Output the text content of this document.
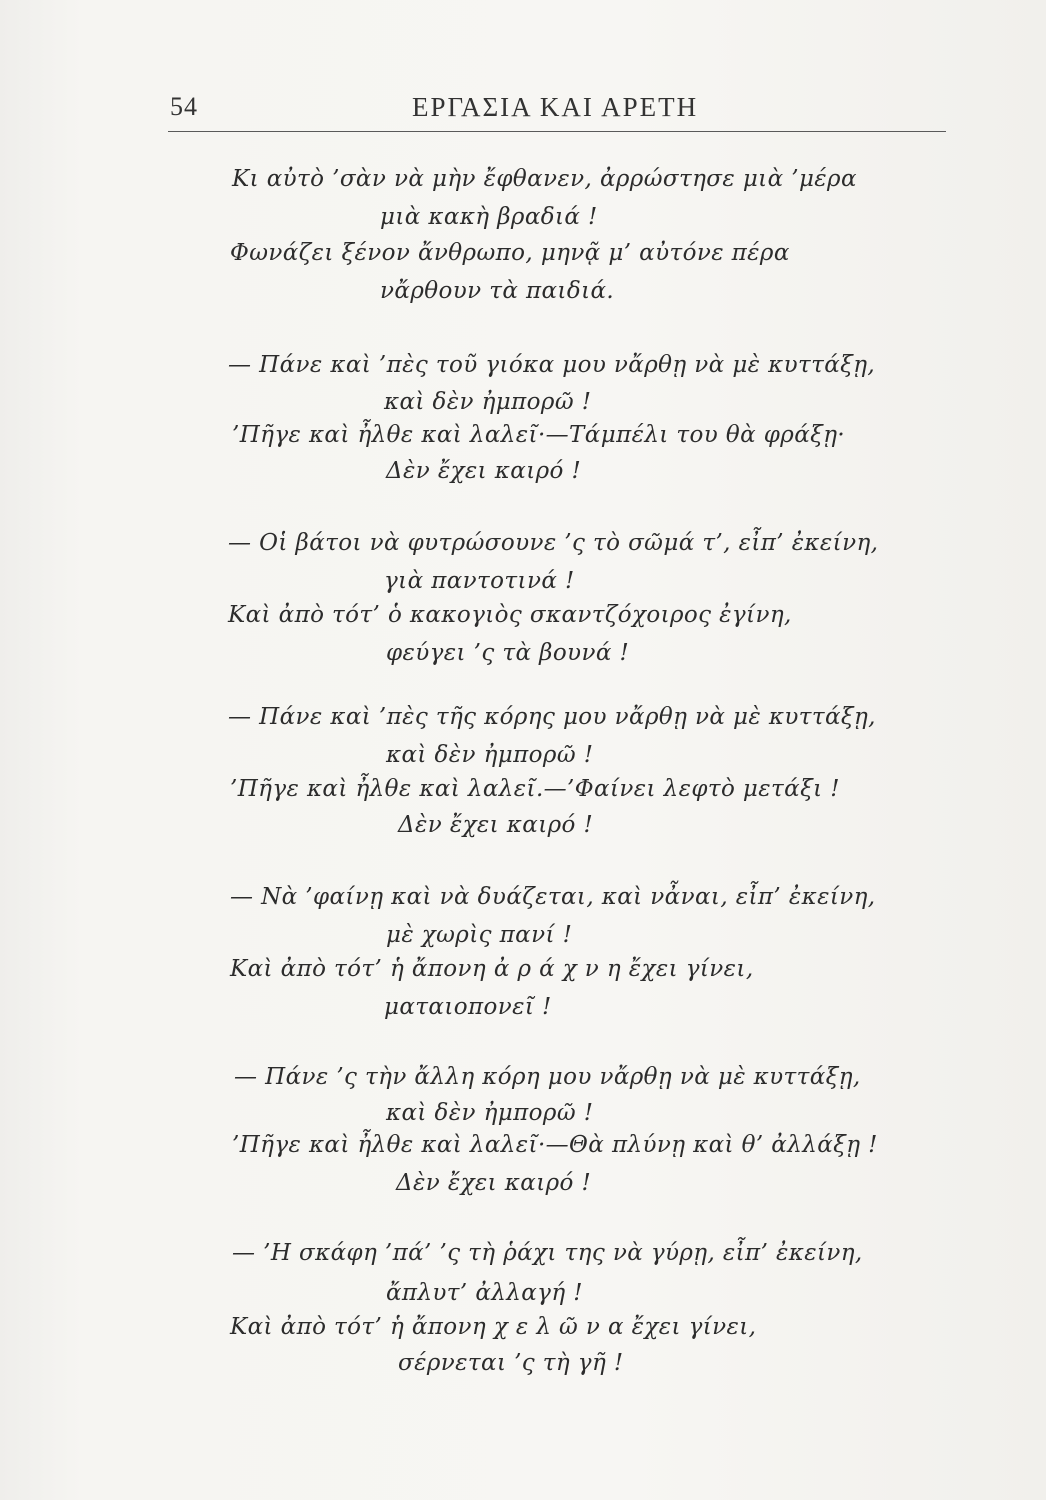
54	ΕΡΓΑΣΙΑ ΚΑΙ ΑΡΕΤΗ
Κι αὐτὸ ’σὰν νὰ μὴν ἔφθανεν, ἀρρώστησε μιὰ ’μέρα
μιὰ κακὴ βραδιά !
Φωνάζει ξένον ἄνθρωπο, μηνᾷ μ’ αὐτόνε πέρα
νἄρθουν τὰ παιδιά.
— Πάνε καὶ ’πὲς τοῦ γιόκα μου νἄρθῃ νὰ μὲ κυττάξῃ,
καὶ δὲν ἠμπορῶ !
’Πῆγε καὶ ἦλθε καὶ λαλεῖ·—Τάμπέλι του θὰ φράξῃ·
Δὲν ἔχει καιρό !
— Οἱ βάτοι νὰ φυτρώσουνε ’ς τὸ σῶμά τ’, εἶπ’ ἐκείνη,
γιὰ παντοτινά !
Καὶ ἀπὸ τότ’ ὁ κακογιὸς σκαντζόχοιρος ἐγίνη,
φεύγει ’ς τὰ βουνά !
— Πάνε καὶ ’πὲς τῆς κόρης μου νἄρθῃ νὰ μὲ κυττάξῃ,
καὶ δὲν ἠμπορῶ !
’Πῆγε καὶ ἦλθε καὶ λαλεῖ.—’Φαίνει λεφτὸ μετάξι !
Δὲν ἔχει καιρό !
— Νὰ ’φαίνῃ καὶ νὰ δυάζεται, καὶ νἆναι, εἶπ’ ἐκείνη,
μὲ χωρὶς πανί !
Καὶ ἀπὸ τότ’ ἡ ἄπονη ἀ ρ ά χ ν η ἔχει γίνει,
ματαιοπονεῖ !
— Πάνε ’ς τὴν ἄλλη κόρη μου νἄρθῃ νὰ μὲ κυττάξῃ,
καὶ δὲν ἠμπορῶ !
’Πῆγε καὶ ἦλθε καὶ λαλεῖ·—Θὰ πλύνῃ καὶ θ’ ἀλλάξῃ !
Δὲν ἔχει καιρό !
— ’Η σκάφη ’πά’ ’ς τὴ ῥάχι της νὰ γύρῃ, εἶπ’ ἐκείνη,
ἄπλυτ’ ἀλλαγή !
Καὶ ἀπὸ τότ’ ἡ ἄπονη χ ε λ ῶ ν α ἔχει γίνει,
σέρνεται ’ς τὴ γῆ !
